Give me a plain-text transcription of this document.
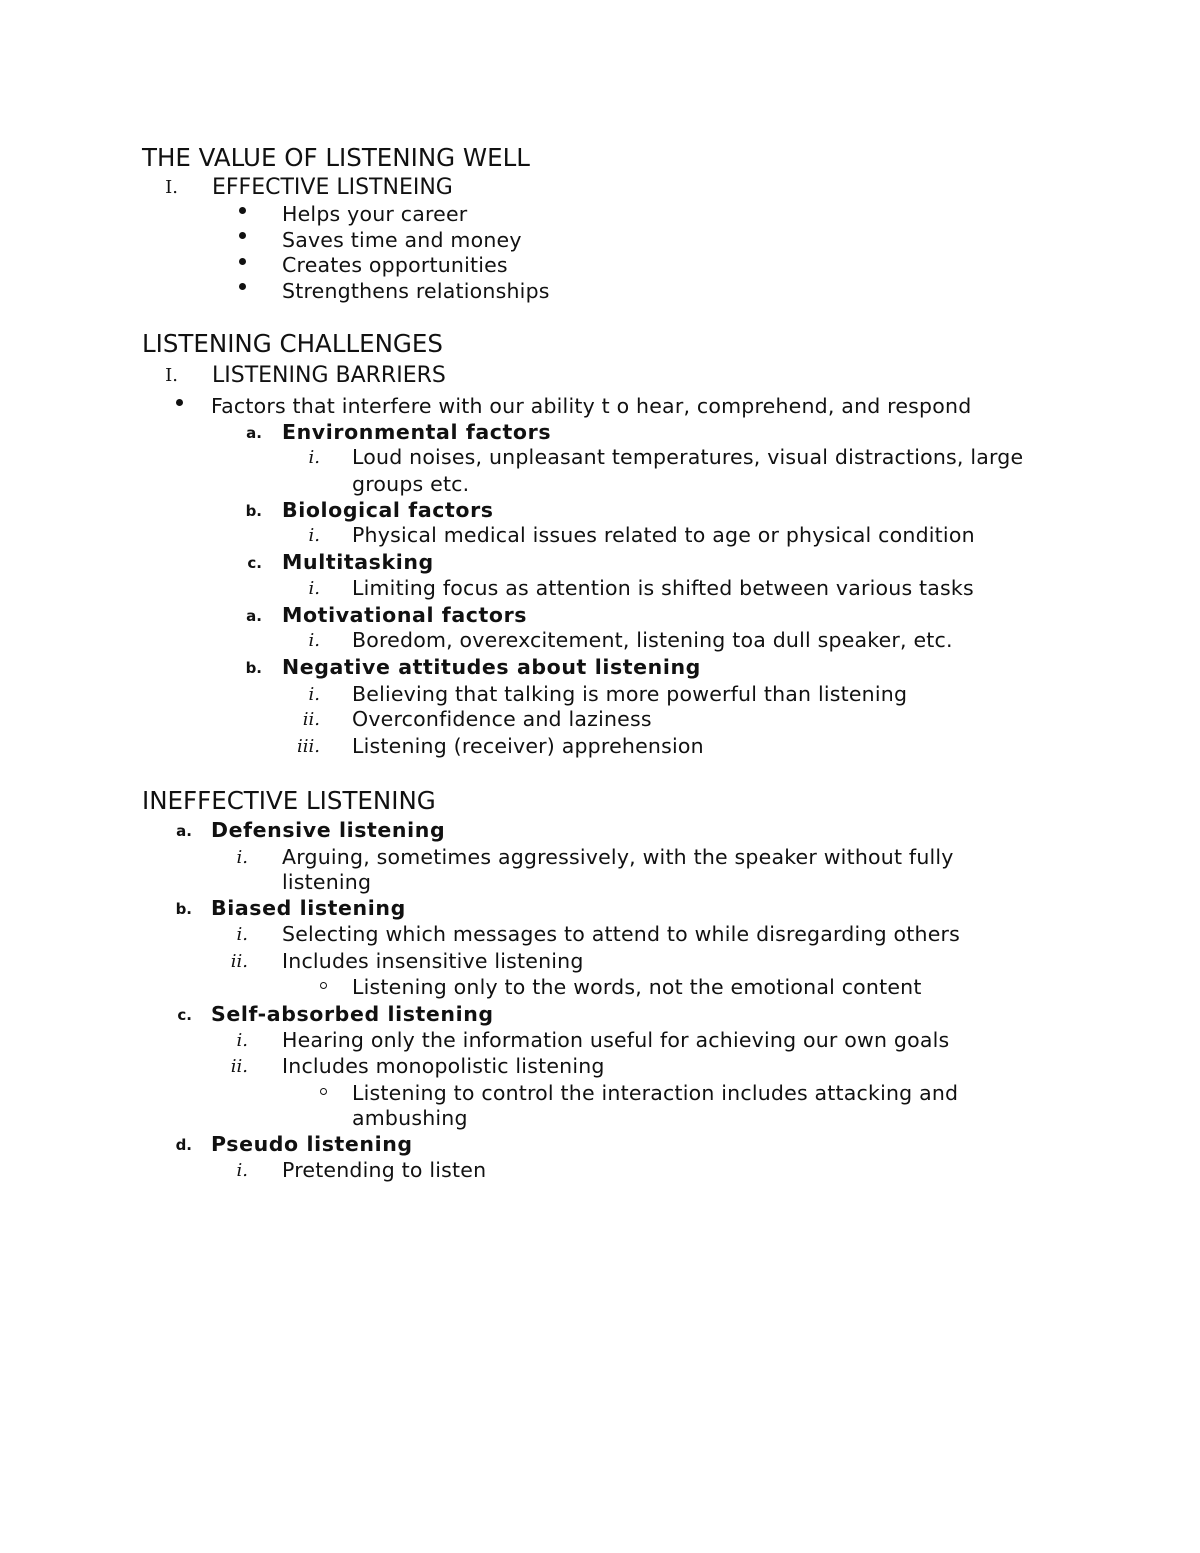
THE VALUE OF LISTENING WELL
I. EFFECTIVE LISTNEING
Helps your career
Saves time and money
Creates opportunities
Strengthens relationships
LISTENING CHALLENGES
I. LISTENING BARRIERS
Factors that interfere with our ability t o hear, comprehend, and respond
a. Environmental factors
i. Loud noises, unpleasant temperatures, visual distractions, large
groups etc.
b. Biological factors
i. Physical medical issues related to age or physical condition
c. Multitasking
i. Limiting focus as attention is shifted between various tasks
a. Motivational factors
i. Boredom, overexcitement, listening toa dull speaker, etc.
b. Negative attitudes about listening
i. Believing that talking is more powerful than listening
ii. Overconfidence and laziness
iii. Listening (receiver) apprehension
INEFFECTIVE LISTENING
a. Defensive listening
i. Arguing, sometimes aggressively, with the speaker without fully
listening
b. Biased listening
i. Selecting which messages to attend to while disregarding others
ii. Includes insensitive listening
Listening only to the words, not the emotional content
c. Self-absorbed listening
i. Hearing only the information useful for achieving our own goals
ii. Includes monopolistic listening
Listening to control the interaction includes attacking and
ambushing
d. Pseudo listening
i. Pretending to listen
